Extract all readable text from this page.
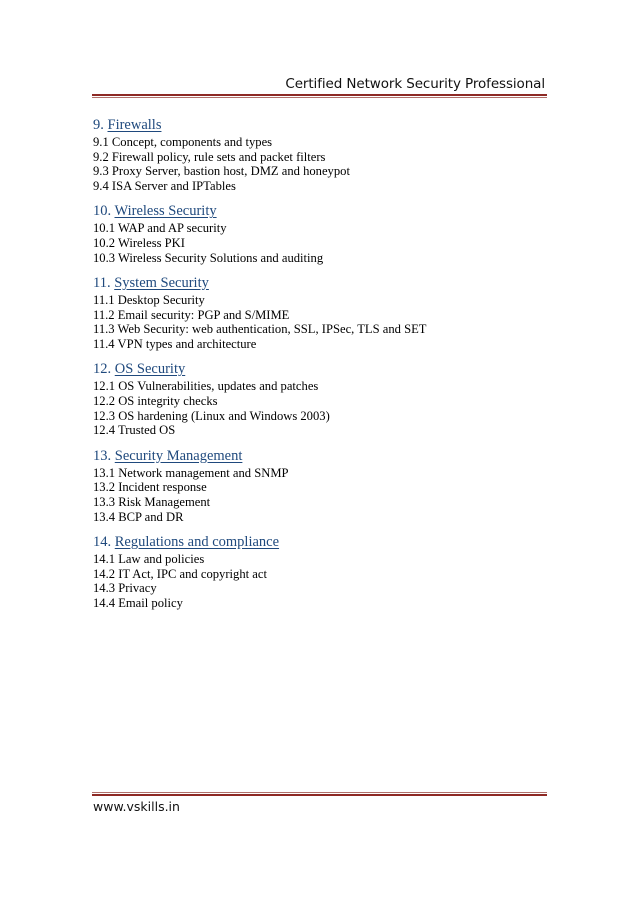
Certified Network Security Professional
9. Firewalls
9.1 Concept, components and types
9.2 Firewall policy, rule sets and packet filters
9.3 Proxy Server, bastion host, DMZ and honeypot
9.4 ISA Server and IPTables
10. Wireless Security
10.1 WAP and AP security
10.2 Wireless PKI
10.3 Wireless Security Solutions and auditing
11. System Security
11.1 Desktop Security
11.2 Email security: PGP and S/MIME
11.3 Web Security: web authentication, SSL, IPSec, TLS and SET
11.4 VPN types and architecture
12. OS Security
12.1 OS Vulnerabilities, updates and patches
12.2 OS integrity checks
12.3 OS hardening (Linux and Windows 2003)
12.4 Trusted OS
13. Security Management
13.1 Network management and SNMP
13.2 Incident response
13.3 Risk Management
13.4 BCP and DR
14. Regulations and compliance
14.1 Law and policies
14.2 IT Act, IPC and copyright act
14.3 Privacy
14.4 Email policy
www.vskills.in
